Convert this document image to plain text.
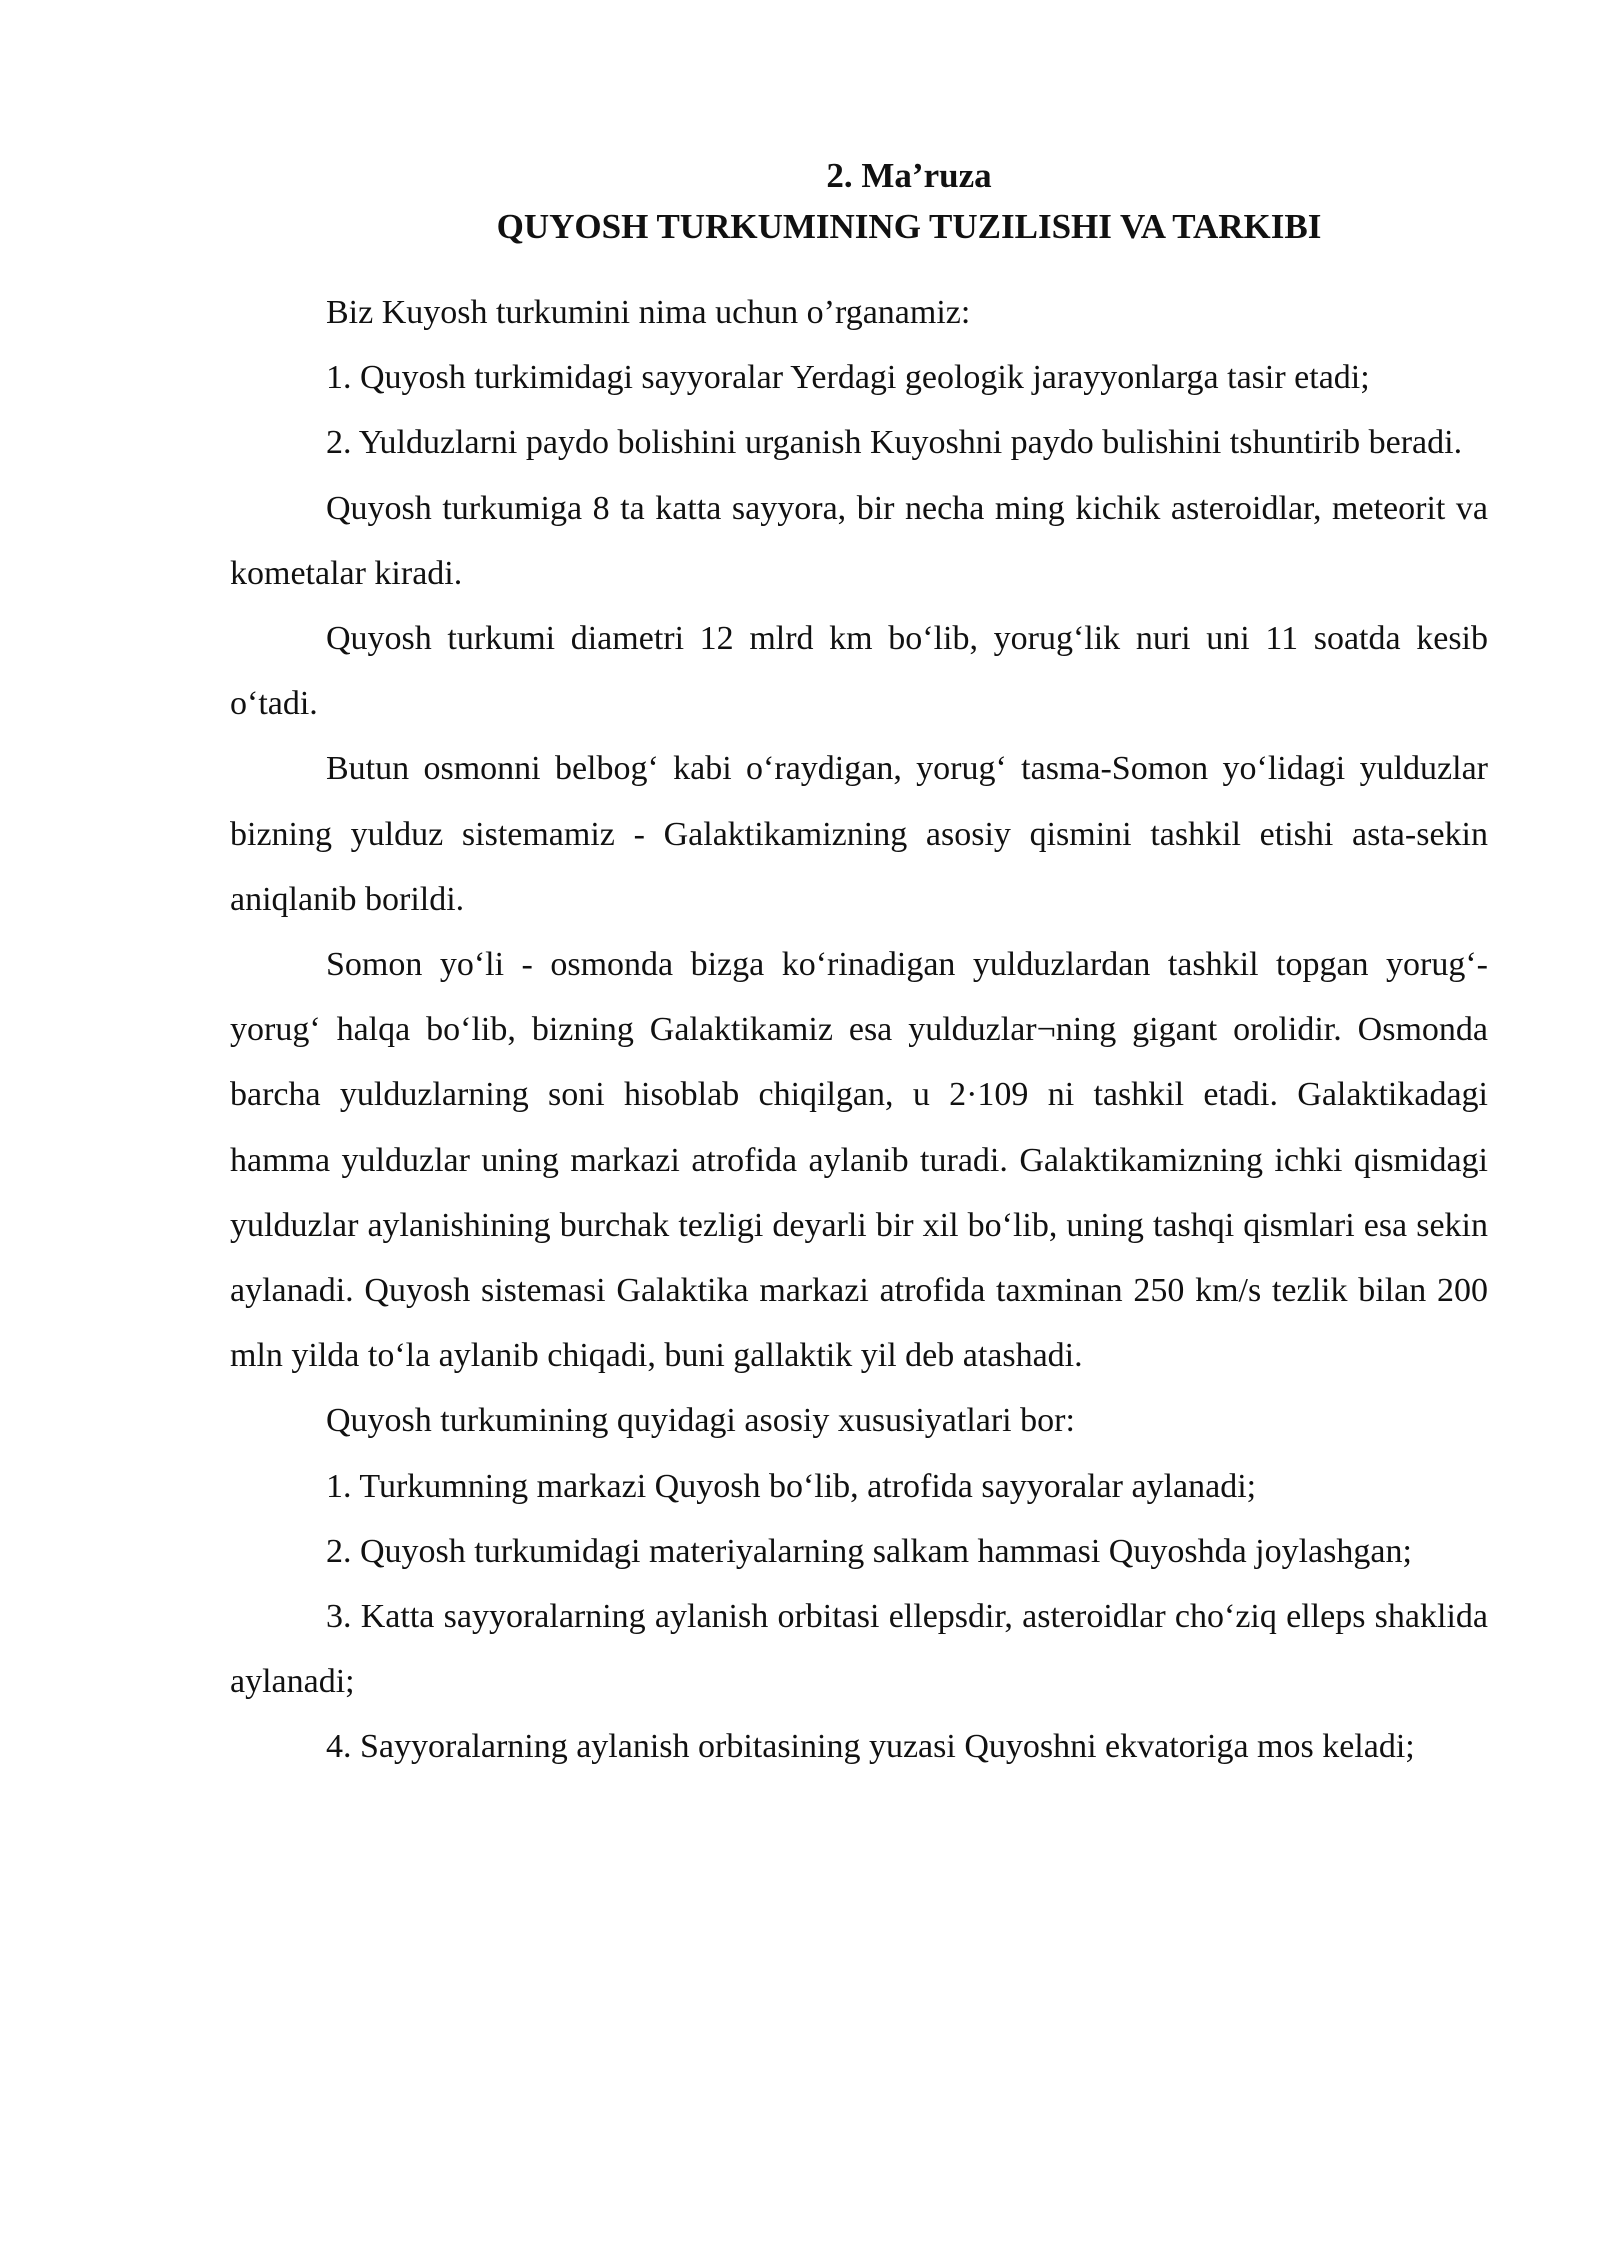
2. Ma’ruza

QUYOSH TURKUMINING TUZILISHI VA TARKIBI

Biz Kuyosh turkumini nima uchun o’rganamiz:

1. Quyosh turkimidagi sayyoralar Yerdagi geologik jarayyonlarga tasir etadi;

2. Yulduzlarni paydo bolishini urganish Kuyoshni paydo bulishini tshuntirib beradi.

Quyosh turkumiga 8 ta katta sayyora, bir necha ming kichik asteroidlar, meteorit va kometalar kiradi.

Quyosh turkumi diametri 12 mlrd km bo‘lib, yorug‘lik nuri uni 11 soatda kesib o‘tadi.

Butun osmonni belbog‘ kabi o‘raydigan, yorug‘ tasma-Somon yo‘lidagi yulduzlar bizning yulduz sistemamiz - Galaktikamizning asosiy qismini tashkil etishi asta-sekin aniqlanib borildi.

Somon yo‘li - osmonda bizga ko‘rinadigan yulduzlardan tashkil topgan yorug‘-yorug‘ halqa bo‘lib, bizning Galaktikamiz esa yulduzlar¬ning gigant orolidir. Osmonda barcha yulduzlarning soni hisoblab chiqilgan, u 2·109 ni tashkil etadi. Galaktikadagi hamma yulduzlar uning markazi atrofida aylanib turadi. Galaktikamizning ichki qismidagi yulduzlar aylanishining burchak tezligi deyarli bir xil bo‘lib, uning tashqi qismlari esa sekin aylanadi. Quyosh sistemasi Galaktika markazi atrofida taxminan 250 km/s tezlik bilan 200 mln yilda to‘la aylanib chiqadi, buni gallaktik yil deb atashadi.

Quyosh turkumining quyidagi asosiy xususiyatlari bor:

1. Turkumning markazi Quyosh bo‘lib, atrofida sayyoralar aylanadi;

2. Quyosh turkumidagi materiyalarning salkam hammasi Quyoshda joylashgan;

3. Katta sayyoralarning aylanish orbitasi ellepsdir, asteroidlar cho‘ziq elleps shaklida aylanadi;

4. Sayyoralarning aylanish orbitasining yuzasi Quyoshni ekvatoriga mos keladi;
